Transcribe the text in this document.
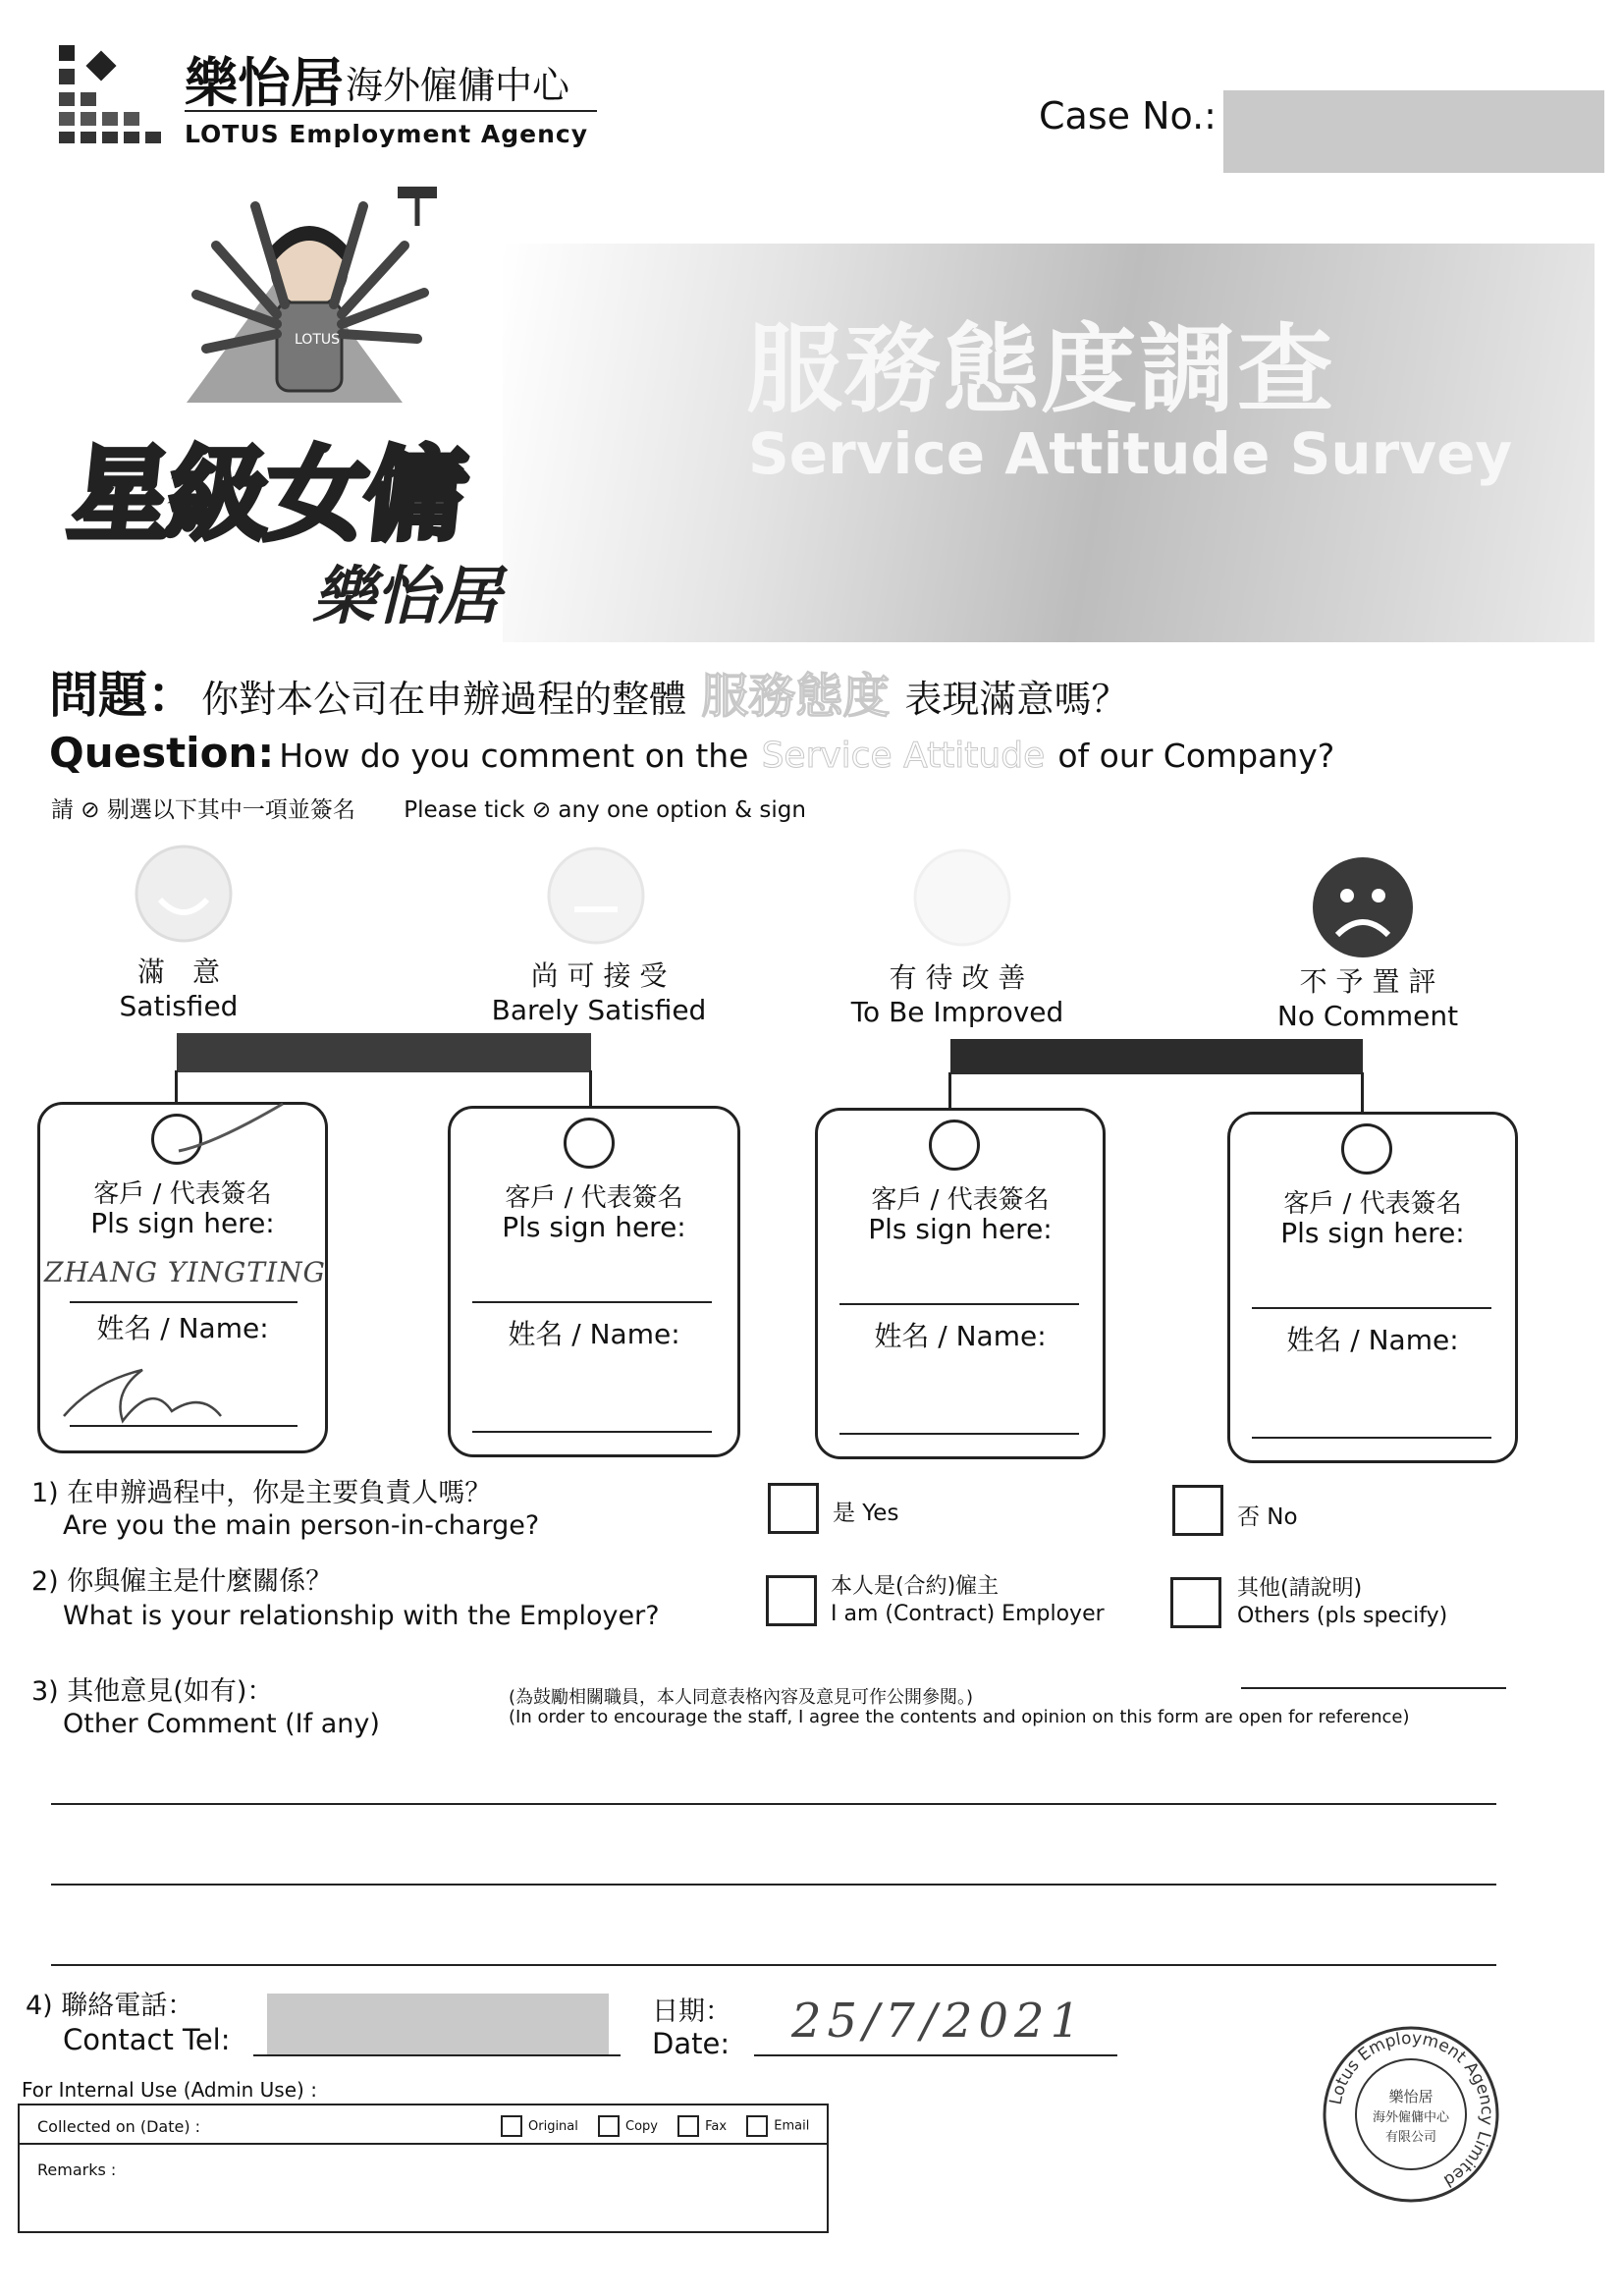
樂怡居 海外僱傭中心
LOTUS Employment Agency	Case No.:
服務態度調查
Service Attitude Survey
LOTUS
星級女傭
樂怡居
問題： 你對本公司在申辦過程的整體 服務態度 表現滿意嗎？
Question: How do you comment on the Service Attitude of our Company?
請 ⊘ 剔選以下其中一項並簽名 Please tick ⊘ any one option & sign
滿　意
Satisfied
尚 可 接 受
Barely Satisfied
有 待 改 善
To Be Improved
不 予 置 評
No Comment
客戶 / 代表簽名
Pls sign here:
ZHANG YINGTING
姓名 / Name:
客戶 / 代表簽名
Pls sign here:
姓名 / Name:
客戶 / 代表簽名
Pls sign here:
姓名 / Name:
客戶 / 代表簽名
Pls sign here:
姓名 / Name:
1) 在申辦過程中，你是主要負責人嗎？
Are you the main person-in-charge?	是 Yes	否 No
2) 你與僱主是什麼關係？
What is your relationship with the Employer?
本人是(合約)僱主
I am (Contract) Employer
其他(請說明)
Others (pls specify)
3) 其他意見(如有)：
Other Comment (If any)
(為鼓勵相關職員，本人同意表格內容及意見可作公開參閱。)
(In order to encourage the staff, I agree the contents and opinion on this form are open for reference)
4) 聯絡電話：
Contact Tel:
日期：
Date: 25/7/2021
For Internal Use (Admin Use) :
Collected on (Date) :	Original	Copy	Fax	Email
Remarks :
Lotus Employment Agency Limited
樂怡居
海外僱傭中心
有限公司
